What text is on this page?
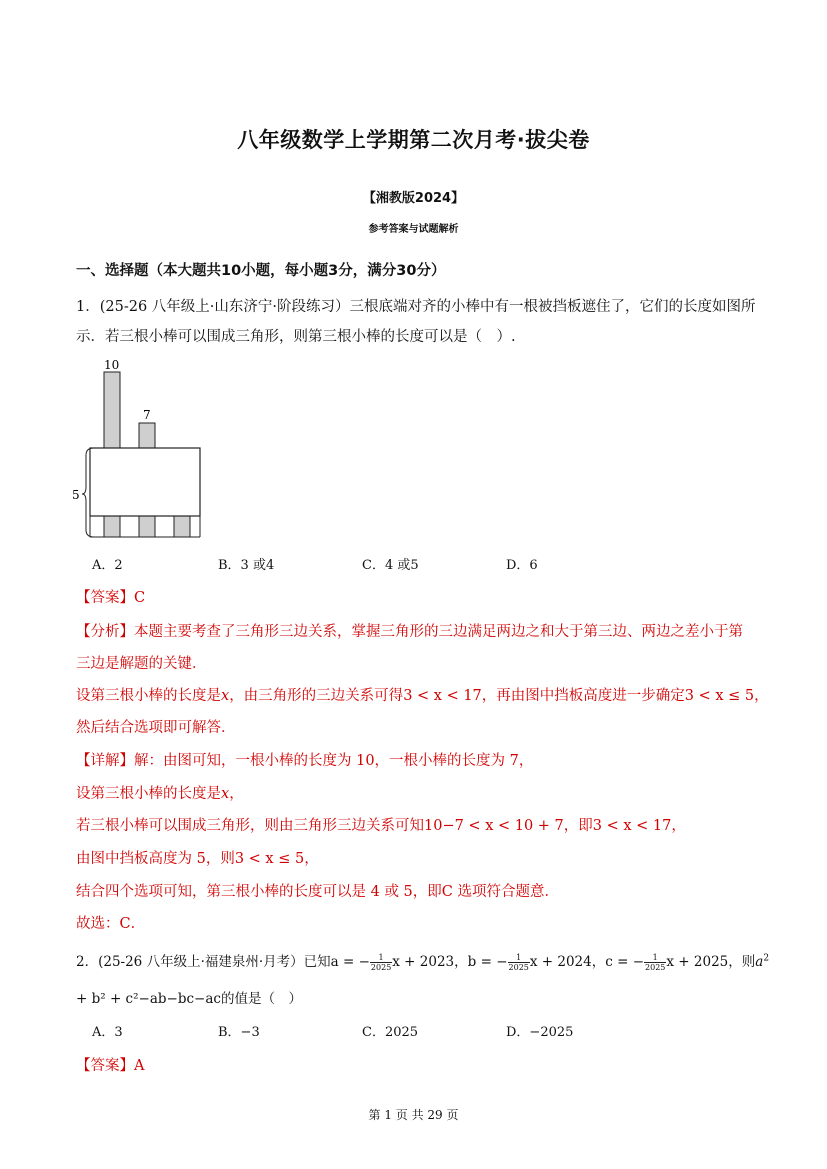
八年级数学上学期第二次月考·拔尖卷
【湘教版2024】
参考答案与试题解析
一、选择题（本大题共10小题，每小题3分，满分30分）
1．(25-26 八年级上·山东济宁·阶段练习）三根底端对齐的小棒中有一根被挡板遮住了，它们的长度如图所
示．若三根小棒可以围成三角形，则第三根小棒的长度可以是（　）.
10
7
5
A．2	B．3 或4	C．4 或5	D．6
【答案】C
【分析】本题主要考查了三角形三边关系，掌握三角形的三边满足两边之和大于第三边、两边之差小于第
三边是解题的关键．
设第三根小棒的长度是x，由三角形的三边关系可得3 < x < 17，再由图中挡板高度进一步确定3 < x ≤ 5，
然后结合选项即可解答．
【详解】解：由图可知，一根小棒的长度为 10，一根小棒的长度为 7，
设第三根小棒的长度是x，
若三根小棒可以围成三角形，则由三角形三边关系可知10−7 < x < 10 + 7，即3 < x < 17，
由图中挡板高度为 5，则3 < x ≤ 5，
结合四个选项可知，第三根小棒的长度可以是 4 或 5，即C 选项符合题意．
故选：C．
2．(25-26 八年级上·福建泉州·月考）已知a = − $\frac{1}{2025}$ x + 2023，b = − $\frac{1}{2025}$ x + 2024，c = − $\frac{1}{2025}$ x + 2025，则$a^2$
+ b² + c²−ab−bc−ac的值是（　）
A．3	B．−3	C．2025	D．−2025
【答案】A
第 1 页 共 29 页
